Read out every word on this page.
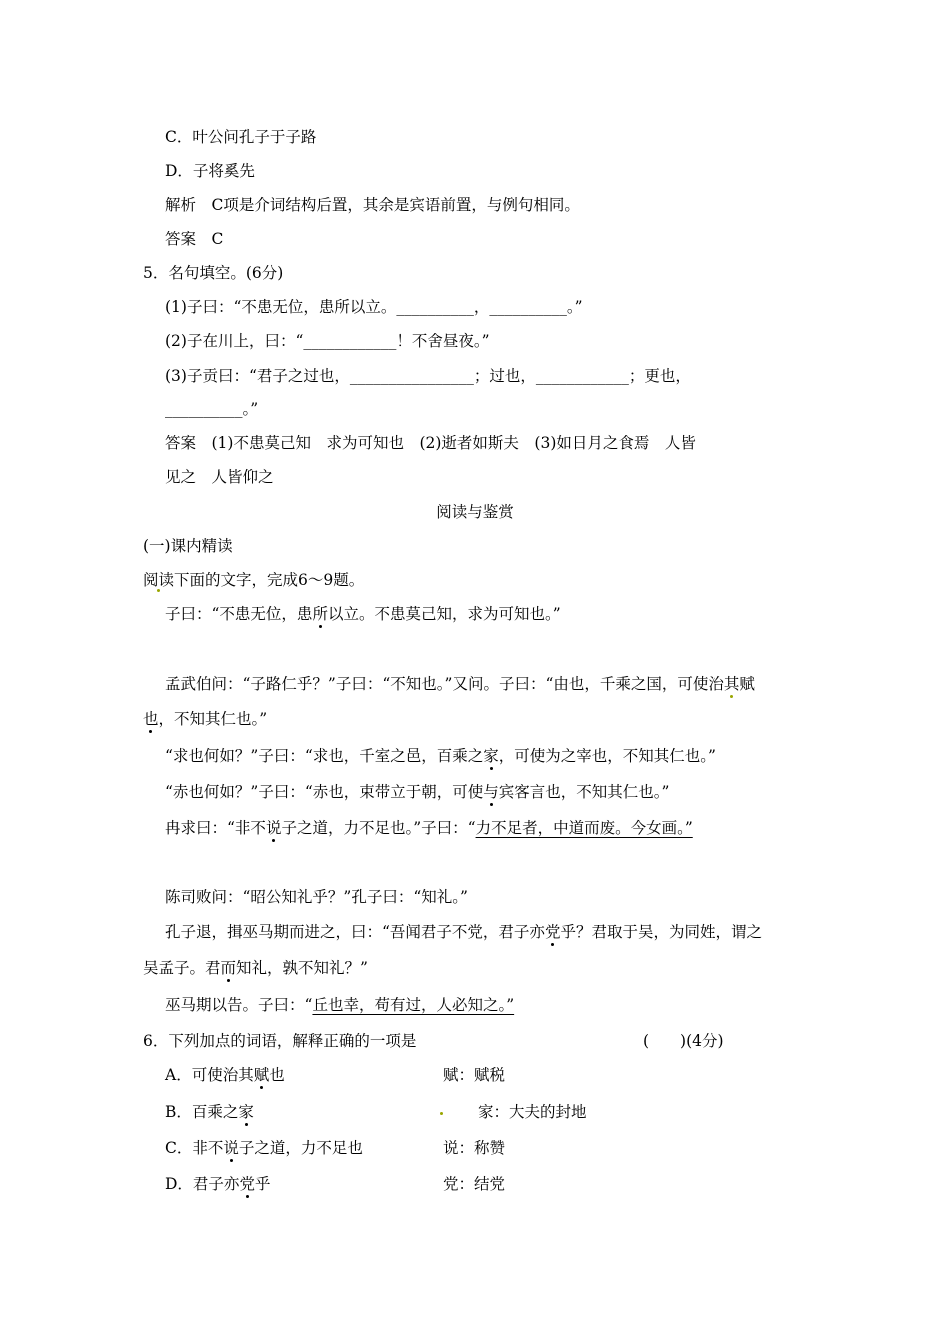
C．叶公问孔子于子路
D．子将奚先
解析　C项是介词结构后置，其余是宾语前置，与例句相同。
答案　C
5．名句填空。(6分)
(1)子曰：“不患无位，患所以立。__________，__________。”
(2)子在川上，曰：“____________！不舍昼夜。”
(3)子贡曰：“君子之过也，________________；过也，____________；更也，
__________。”
答案　(1)不患莫己知　求为可知也　(2)逝者如斯夫　(3)如日月之食焉　人皆
见之　人皆仰之
阅读与鉴赏
(一)课内精读
阅读下面的文字，完成6～9题。
子曰：“不患无位，患所以立。不患莫己知，求为可知也。”
孟武伯问：“子路仁乎？”子曰：“不知也。”又问。子曰：“由也，千乘之国，可使治其赋
也，不知其仁也。”
“求也何如？”子曰：“求也，千室之邑，百乘之家，可使为之宰也，不知其仁也。”
“赤也何如？”子曰：“赤也，束带立于朝，可使与宾客言也，不知其仁也。”
冉求曰：“非不说子之道，力不足也。”子曰：“力不足者，中道而废。今女画。”
陈司败问：“昭公知礼乎？”孔子曰：“知礼。”
孔子退，揖巫马期而进之，曰：“吾闻君子不党，君子亦党乎？君取于吴，为同姓，谓之
吴孟子。君而知礼，孰不知礼？”
巫马期以告。子曰：“丘也幸，苟有过，人必知之。”
6．下列加点的词语，解释正确的一项是	(　　)(4分)
A．可使治其赋也	赋：赋税
B．百乘之家	家：大夫的封地
C．非不说子之道，力不足也	说：称赞
D．君子亦党乎	党：结党
